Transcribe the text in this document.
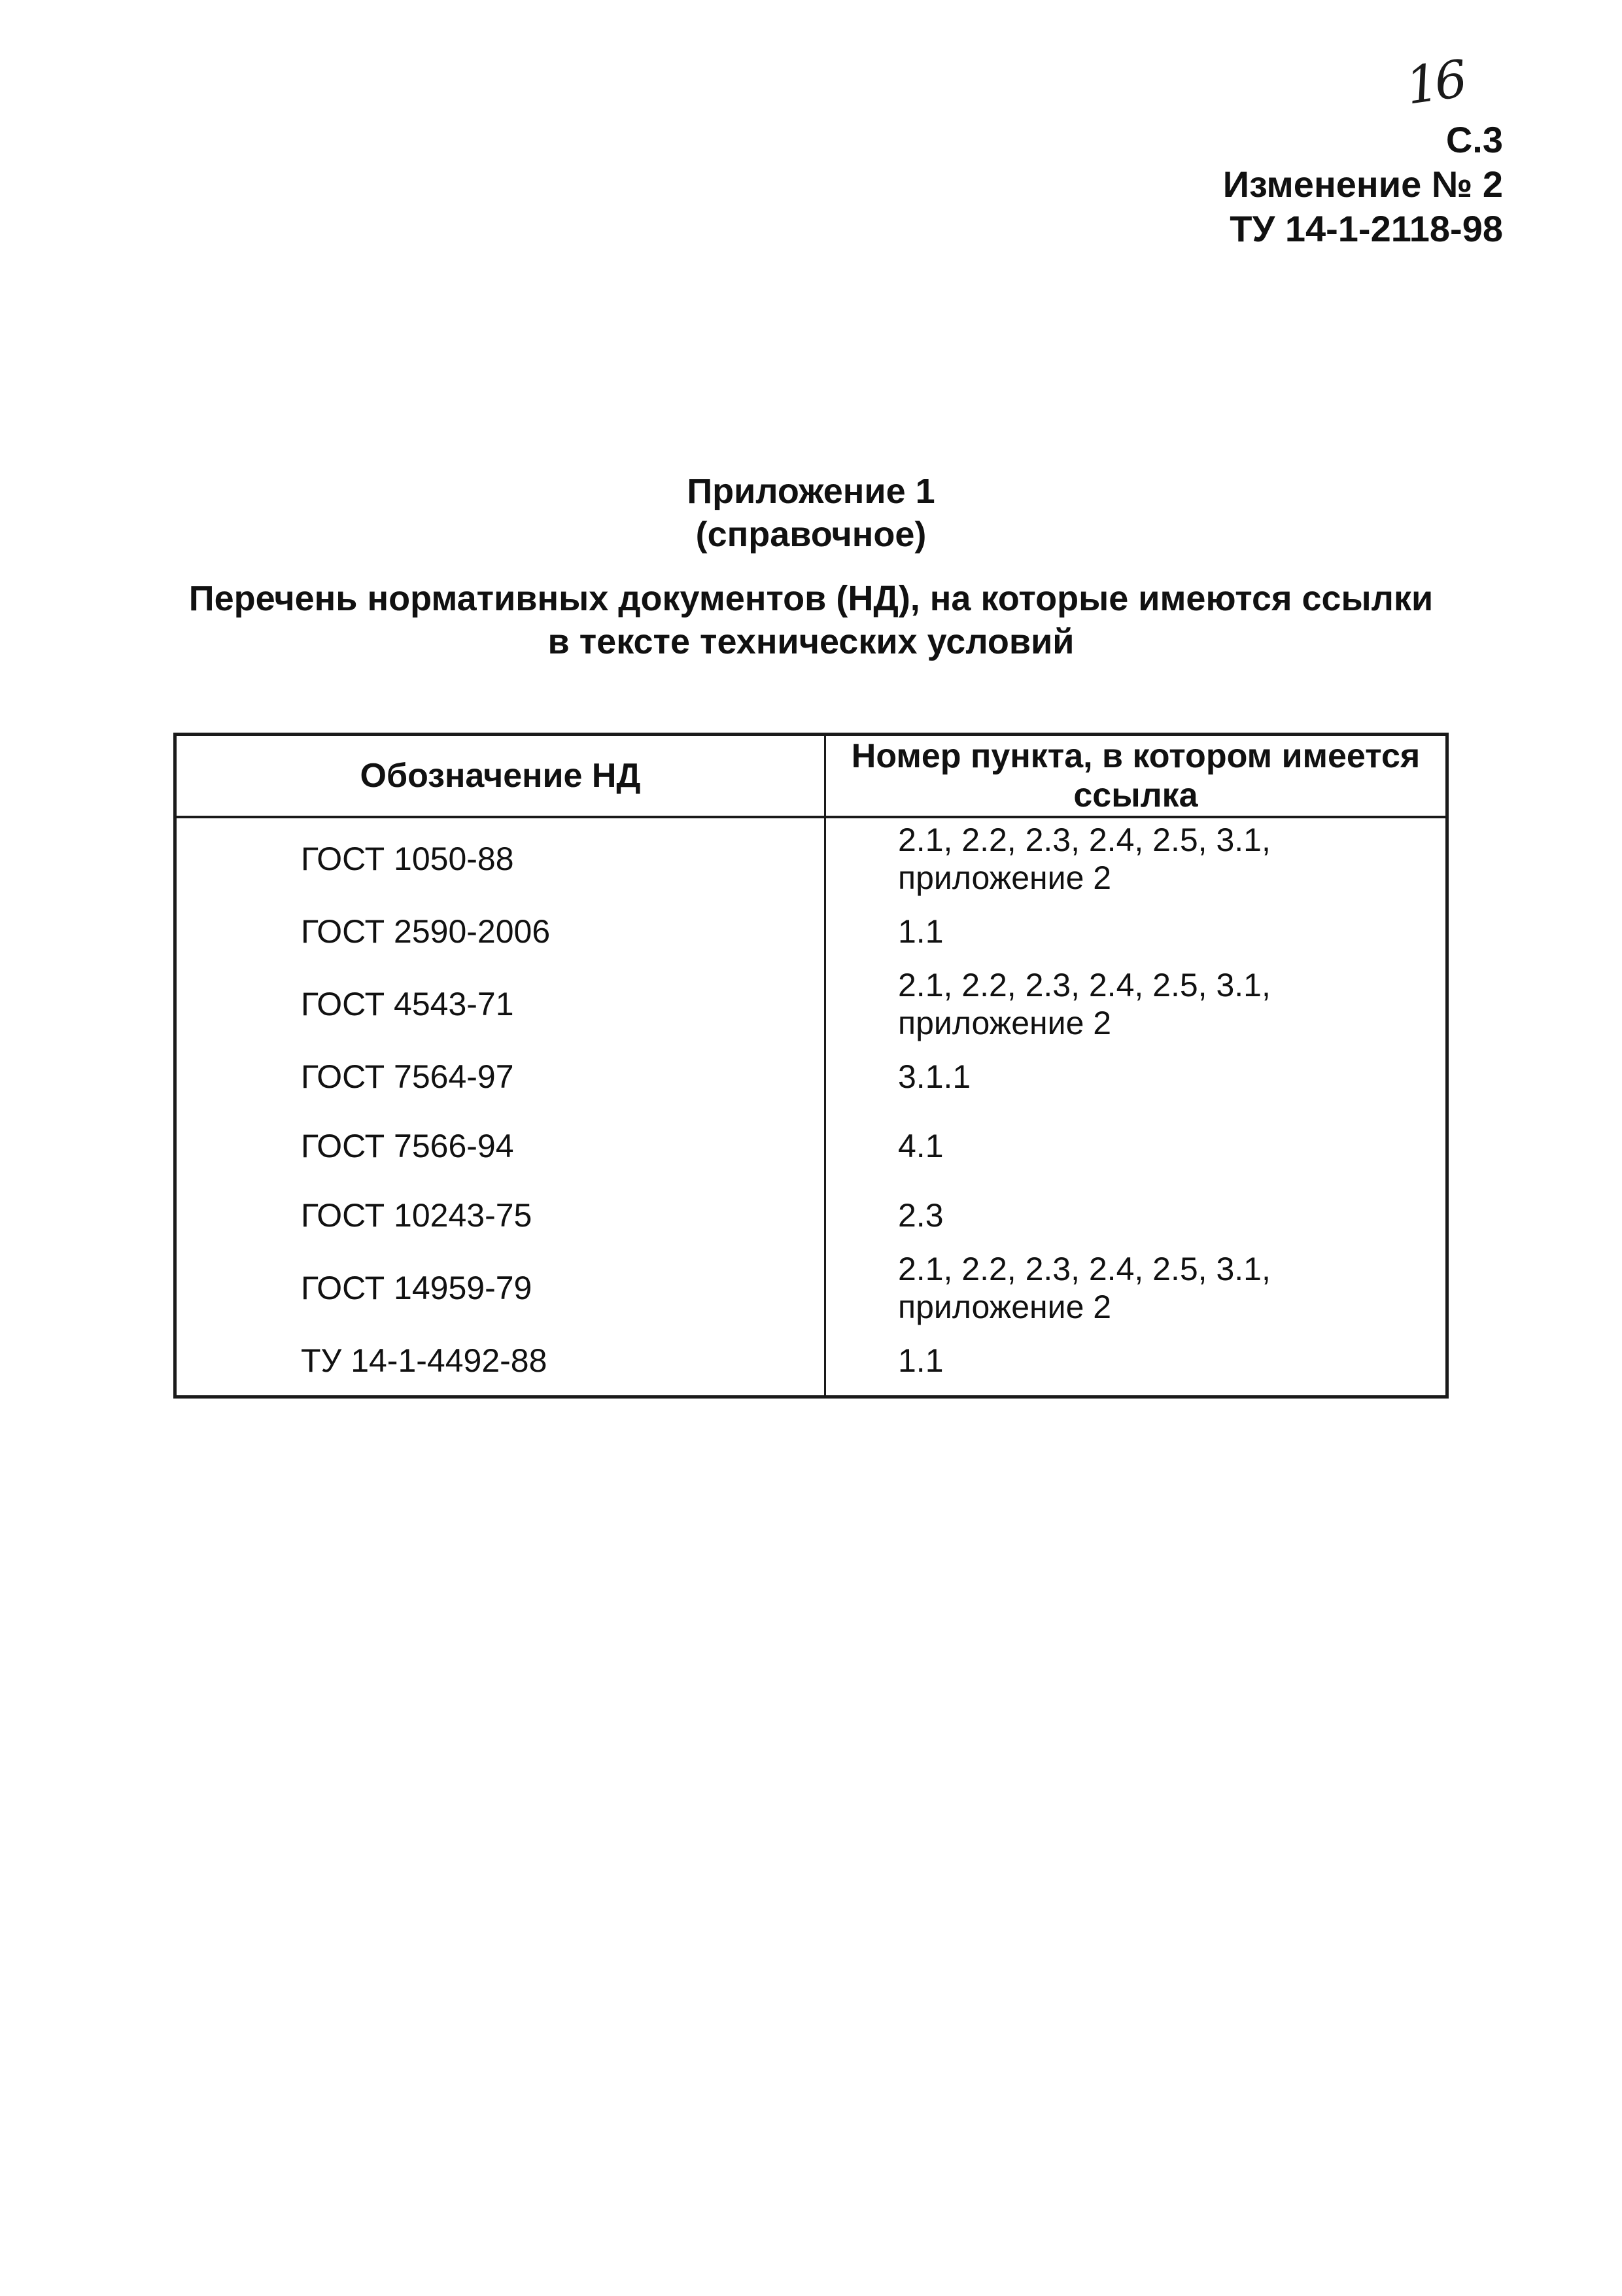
16
С.3
Изменение № 2
ТУ 14-1-2118-98
Приложение 1
(справочное)
Перечень нормативных документов (НД), на которые имеются ссылки
в тексте технических условий
Обозначение НД	Номер пункта, в котором имеется ссылка
ГОСТ 1050-88	2.1, 2.2, 2.3, 2.4, 2.5, 3.1, приложение 2
ГОСТ 2590-2006	1.1
ГОСТ 4543-71	2.1, 2.2, 2.3, 2.4, 2.5, 3.1, приложение 2
ГОСТ 7564-97	3.1.1
ГОСТ 7566-94	4.1
ГОСТ 10243-75	2.3
ГОСТ 14959-79	2.1, 2.2, 2.3, 2.4, 2.5, 3.1, приложение 2
ТУ 14-1-4492-88	1.1
